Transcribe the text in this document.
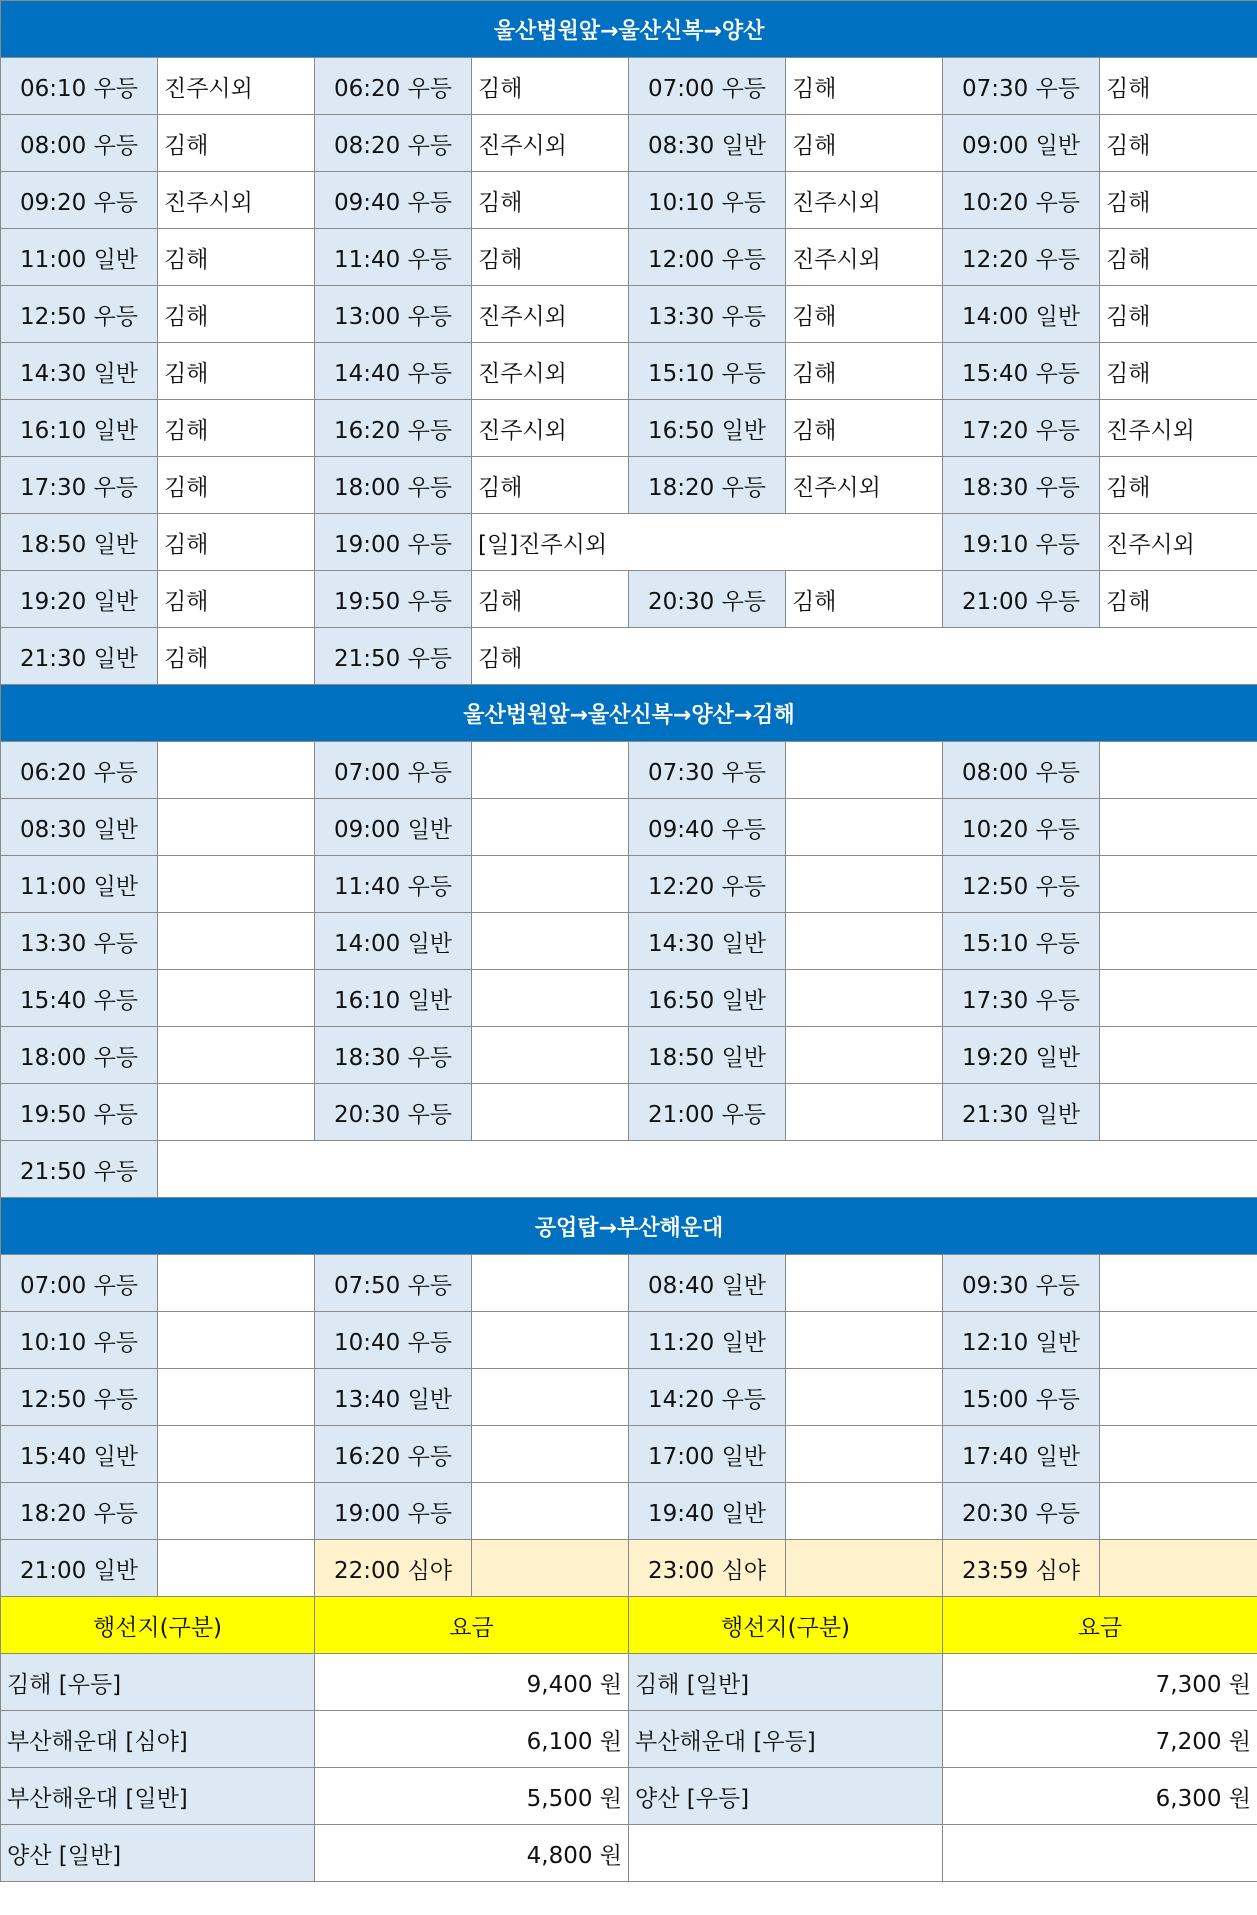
울산법원앞→울산신복→양산							
06:10 우등	진주시외	06:20 우등	김해	07:00 우등	김해	07:30 우등	김해
08:00 우등	김해	08:20 우등	진주시외	08:30 일반	김해	09:00 일반	김해
09:20 우등	진주시외	09:40 우등	김해	10:10 우등	진주시외	10:20 우등	김해
11:00 일반	김해	11:40 우등	김해	12:00 우등	진주시외	12:20 우등	김해
12:50 우등	김해	13:00 우등	진주시외	13:30 우등	김해	14:00 일반	김해
14:30 일반	김해	14:40 우등	진주시외	15:10 우등	김해	15:40 우등	김해
16:10 일반	김해	16:20 우등	진주시외	16:50 일반	김해	17:20 우등	진주시외
17:30 우등	김해	18:00 우등	김해	18:20 우등	진주시외	18:30 우등	김해
18:50 일반	김해	19:00 우등	[일]진주시외			19:10 우등	진주시외
19:20 일반	김해	19:50 우등	김해	20:30 우등	김해	21:00 우등	김해
21:30 일반	김해	21:50 우등	김해				
울산법원앞→울산신복→양산→김해							
06:20 우등		07:00 우등		07:30 우등		08:00 우등	
08:30 일반		09:00 일반		09:40 우등		10:20 우등	
11:00 일반		11:40 우등		12:20 우등		12:50 우등	
13:30 우등		14:00 일반		14:30 일반		15:10 우등	
15:40 우등		16:10 일반		16:50 일반		17:30 우등	
18:00 우등		18:30 우등		18:50 일반		19:20 일반	
19:50 우등		20:30 우등		21:00 우등		21:30 일반	
21:50 우등							
공업탑→부산해운대							
07:00 우등		07:50 우등		08:40 일반		09:30 우등	
10:10 우등		10:40 우등		11:20 일반		12:10 일반	
12:50 우등		13:40 일반		14:20 우등		15:00 우등	
15:40 일반		16:20 우등		17:00 일반		17:40 일반	
18:20 우등		19:00 우등		19:40 일반		20:30 우등	
21:00 일반		22:00 심야		23:00 심야		23:59 심야	
행선지(구분)		요금		행선지(구분)		요금	
김해 [우등]		9,400 원		김해 [일반]		7,300 원	
부산해운대 [심야]		6,100 원		부산해운대 [우등]		7,200 원	
부산해운대 [일반]		5,500 원		양산 [우등]		6,300 원	
양산 [일반]		4,800 원					
